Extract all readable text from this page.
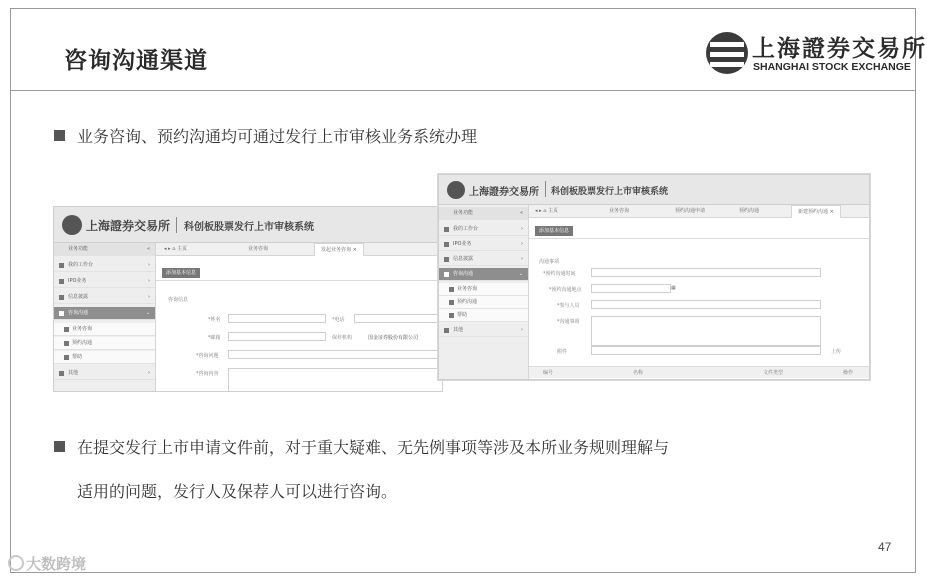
咨询沟通渠道	上海證券交易所
SHANGHAI STOCK EXCHANGE
业务咨询、预约沟通均可通过发行上市审核业务系统办理
上海證券交易所 科创板股票发行上市审核系统
业务功能	«
我的工作台	›
IPO业务	›
信息披露	›
咨询沟通	⌄
业务咨询
预约沟通
帮助
其他	›
◂ ▸ ⌂ 主页	业务咨询	发起业务咨询 ×
添加基本信息
咨询信息
*姓名	*电话
*邮箱	保荐机构	国金证券股份有限公司
*咨询问题
*咨询内容
上海證券交易所 科创板股票发行上市审核系统
业务功能	«
我的工作台	›
IPO业务	›
信息披露	›
咨询沟通	⌄
业务咨询
预约沟通
帮助
其他	›
◂ ▸ ⌂ 主页	业务咨询	预约沟通申请	预约沟通	新建预约沟通 ×
添加基本信息
沟通事项
*预约沟通时间
*预约沟通地点	▦
*参与人员
*沟通事项
附件	上传
编号	名称	文件类型	操作
在提交发行上市申请文件前，对于重大疑难、无先例事项等涉及本所业务规则理解与
适用的问题，发行人及保荐人可以进行咨询。
47
大数跨境
